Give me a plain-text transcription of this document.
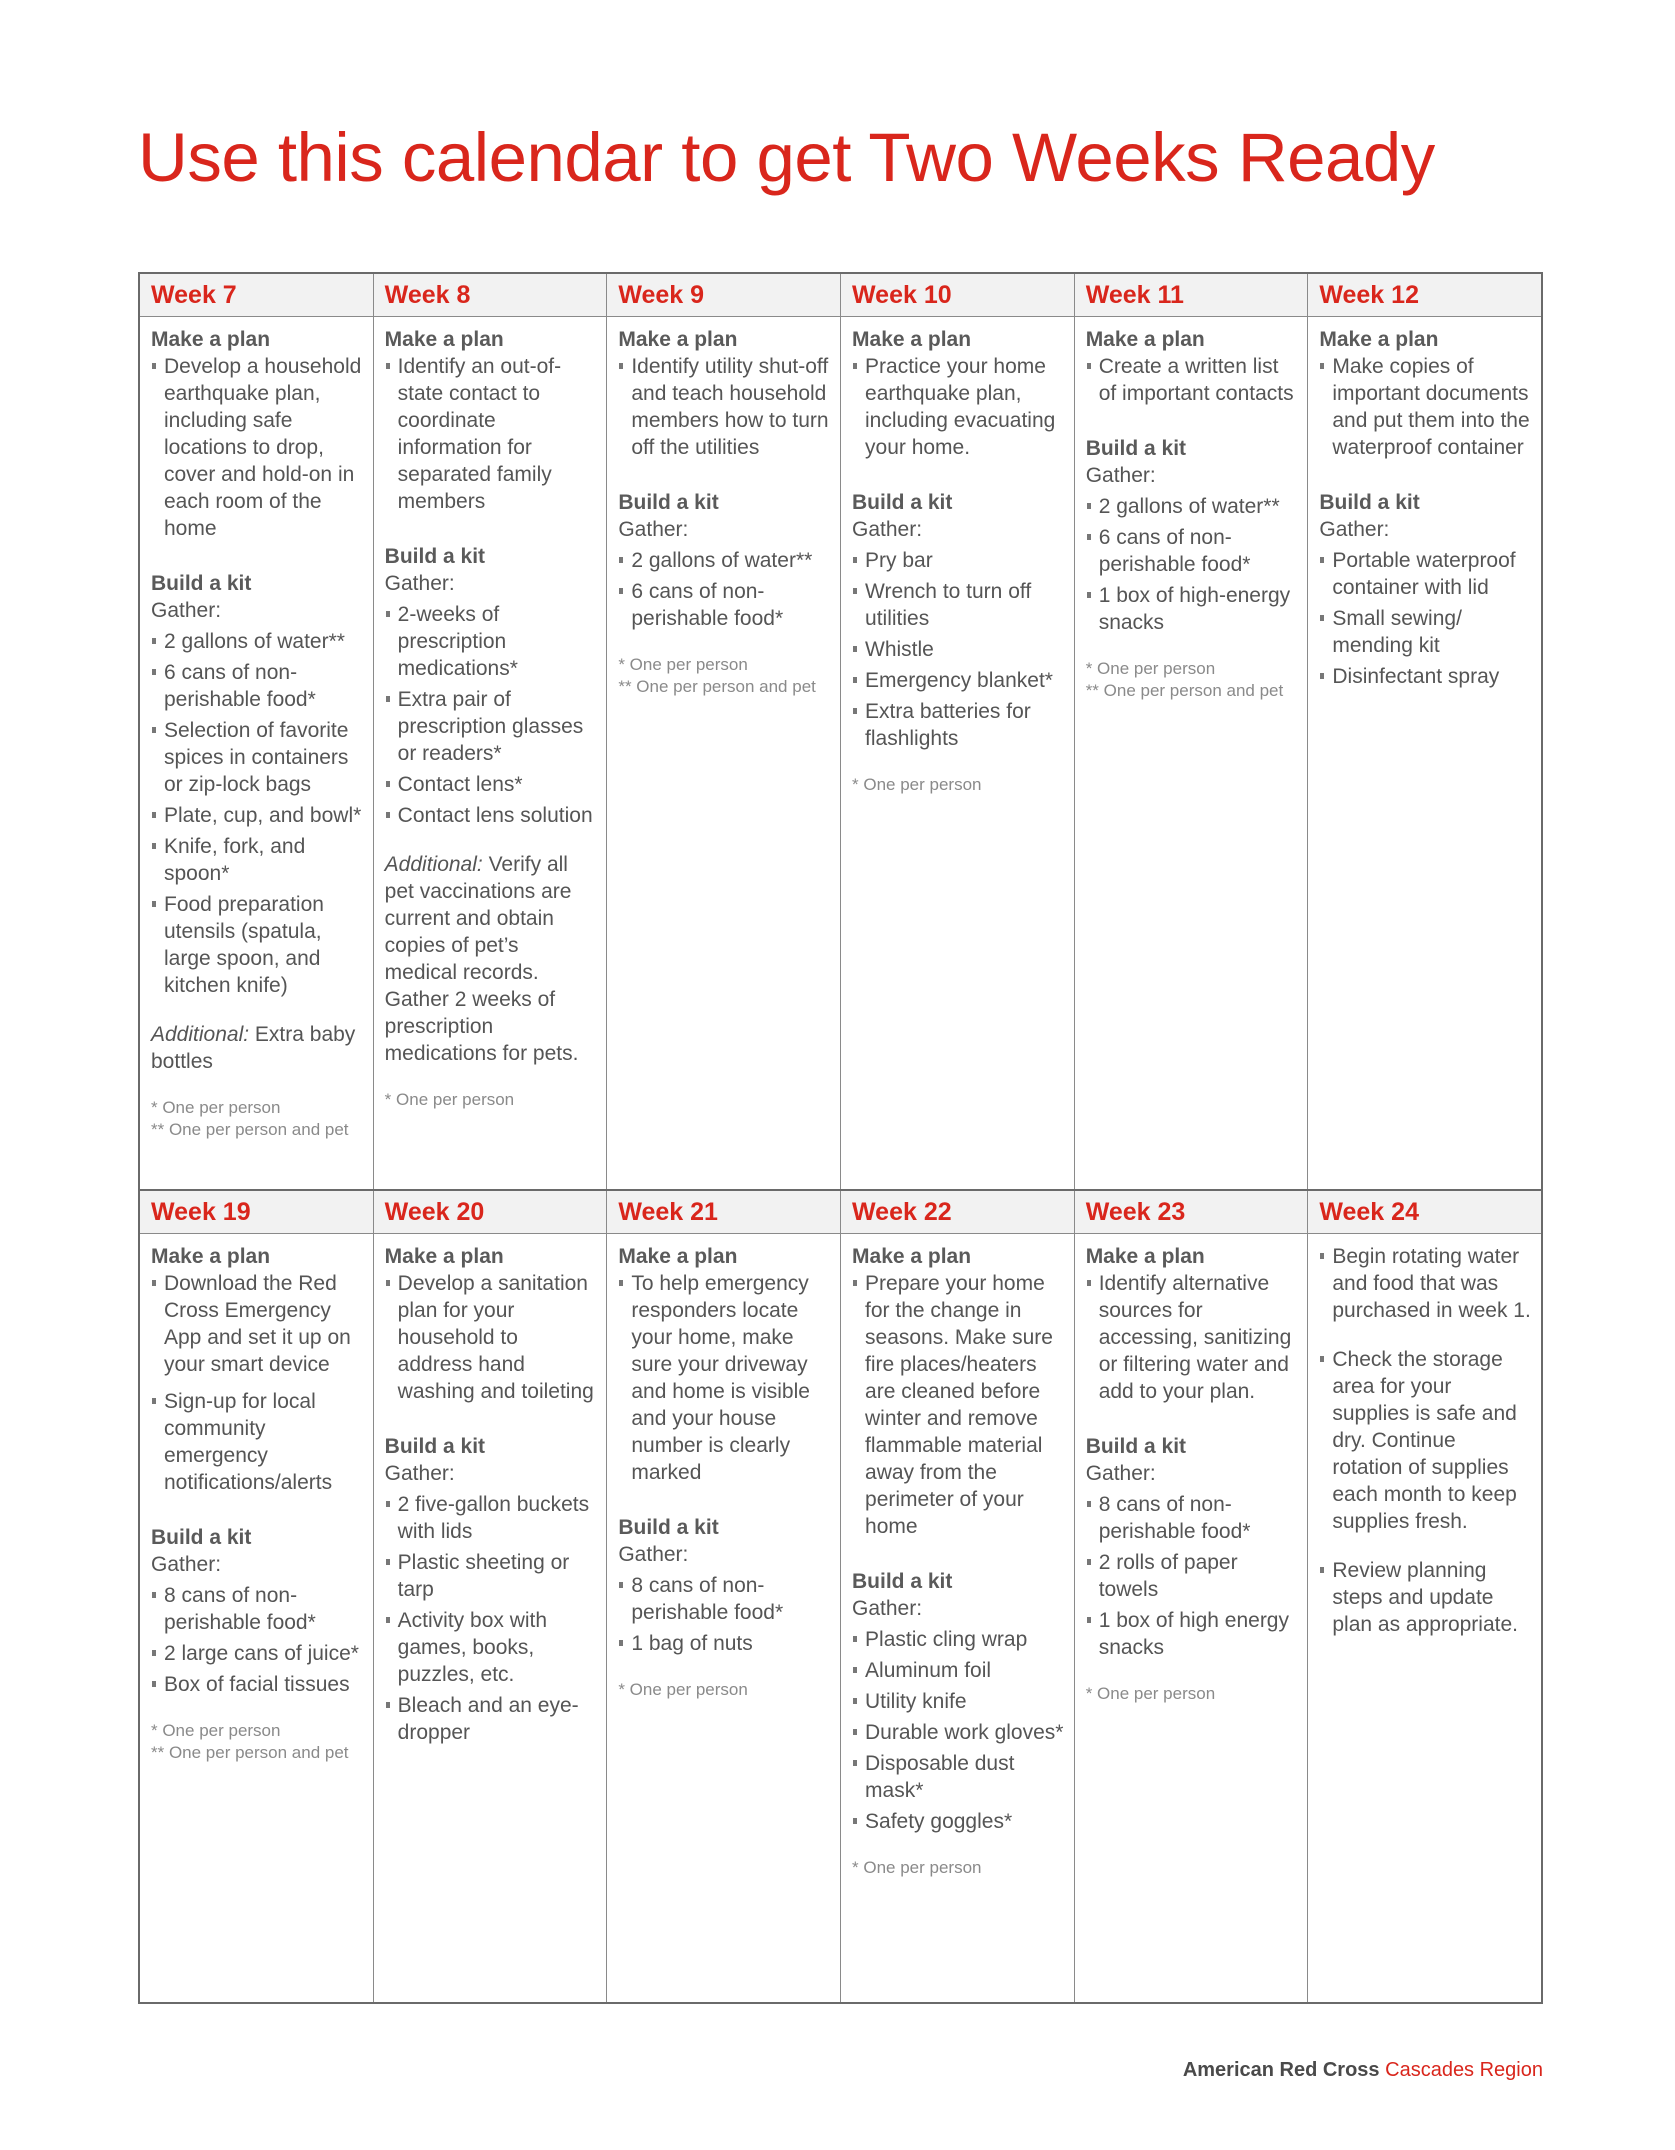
Use this calendar to get Two Weeks Ready
Week 7
Make a plan
Develop a household earthquake plan, including safe locations to drop, cover and hold-on in each room of the home
Build a kit
Gather:
2 gallons of water**
6 cans of non-perishable food*
Selection of favorite spices in containers or zip-lock bags
Plate, cup, and bowl*
Knife, fork, and spoon*
Food preparation utensils (spatula, large spoon, and kitchen knife)
Additional: Extra baby bottles
* One per person
** One per person and pet
Week 8
Make a plan
Identify an out-of-state contact to coordinate information for separated family members
Build a kit
Gather:
2-weeks of prescription medications*
Extra pair of prescription glasses or readers*
Contact lens*
Contact lens solution
Additional: Verify all pet vaccinations are current and obtain copies of pet’s medical records. Gather 2 weeks of prescription medications for pets.
* One per person
Week 9
Make a plan
Identify utility shut-off and teach household members how to turn off the utilities
Build a kit
Gather:
2 gallons of water**
6 cans of non-perishable food*
* One per person
** One per person and pet
Week 10
Make a plan
Practice your home earthquake plan, including evacuating your home.
Build a kit
Gather:
Pry bar
Wrench to turn off utilities
Whistle
Emergency blanket*
Extra batteries for flashlights
* One per person
Week 11
Make a plan
Create a written list of important contacts
Build a kit
Gather:
2 gallons of water**
6 cans of non-perishable food*
1 box of high-energy snacks
* One per person
** One per person and pet
Week 12
Make a plan
Make copies of important documents and put them into the waterproof container
Build a kit
Gather:
Portable waterproof container with lid
Small sewing/ mending kit
Disinfectant spray
Week 19
Make a plan
Download the Red Cross Emergency App and set it up on your smart device
Sign-up for local community emergency notifications/alerts
Build a kit
Gather:
8 cans of non-perishable food*
2 large cans of juice*
Box of facial tissues
* One per person
** One per person and pet
Week 20
Make a plan
Develop a sanitation plan for your household to address hand washing and toileting
Build a kit
Gather:
2 five-gallon buckets with lids
Plastic sheeting or tarp
Activity box with games, books, puzzles, etc.
Bleach and an eye-dropper
Week 21
Make a plan
To help emergency responders locate your home, make sure your driveway and home is visible and your house number is clearly marked
Build a kit
Gather:
8 cans of non-perishable food*
1 bag of nuts
* One per person
Week 22
Make a plan
Prepare your home for the change in seasons. Make sure fire places/heaters are cleaned before winter and remove flammable material away from the perimeter of your home
Build a kit
Gather:
Plastic cling wrap
Aluminum foil
Utility knife
Durable work gloves*
Disposable dust mask*
Safety goggles*
* One per person
Week 23
Make a plan
Identify alternative sources for accessing, sanitizing or filtering water and add to your plan.
Build a kit
Gather:
8 cans of non-perishable food*
2 rolls of paper towels
1 box of high energy snacks
* One per person
Week 24
Begin rotating water and food that was purchased in week 1.
Check the storage area for your supplies is safe and dry. Continue rotation of supplies each month to keep supplies fresh.
Review planning steps and update plan as appropriate.
American Red Cross Cascades Region
